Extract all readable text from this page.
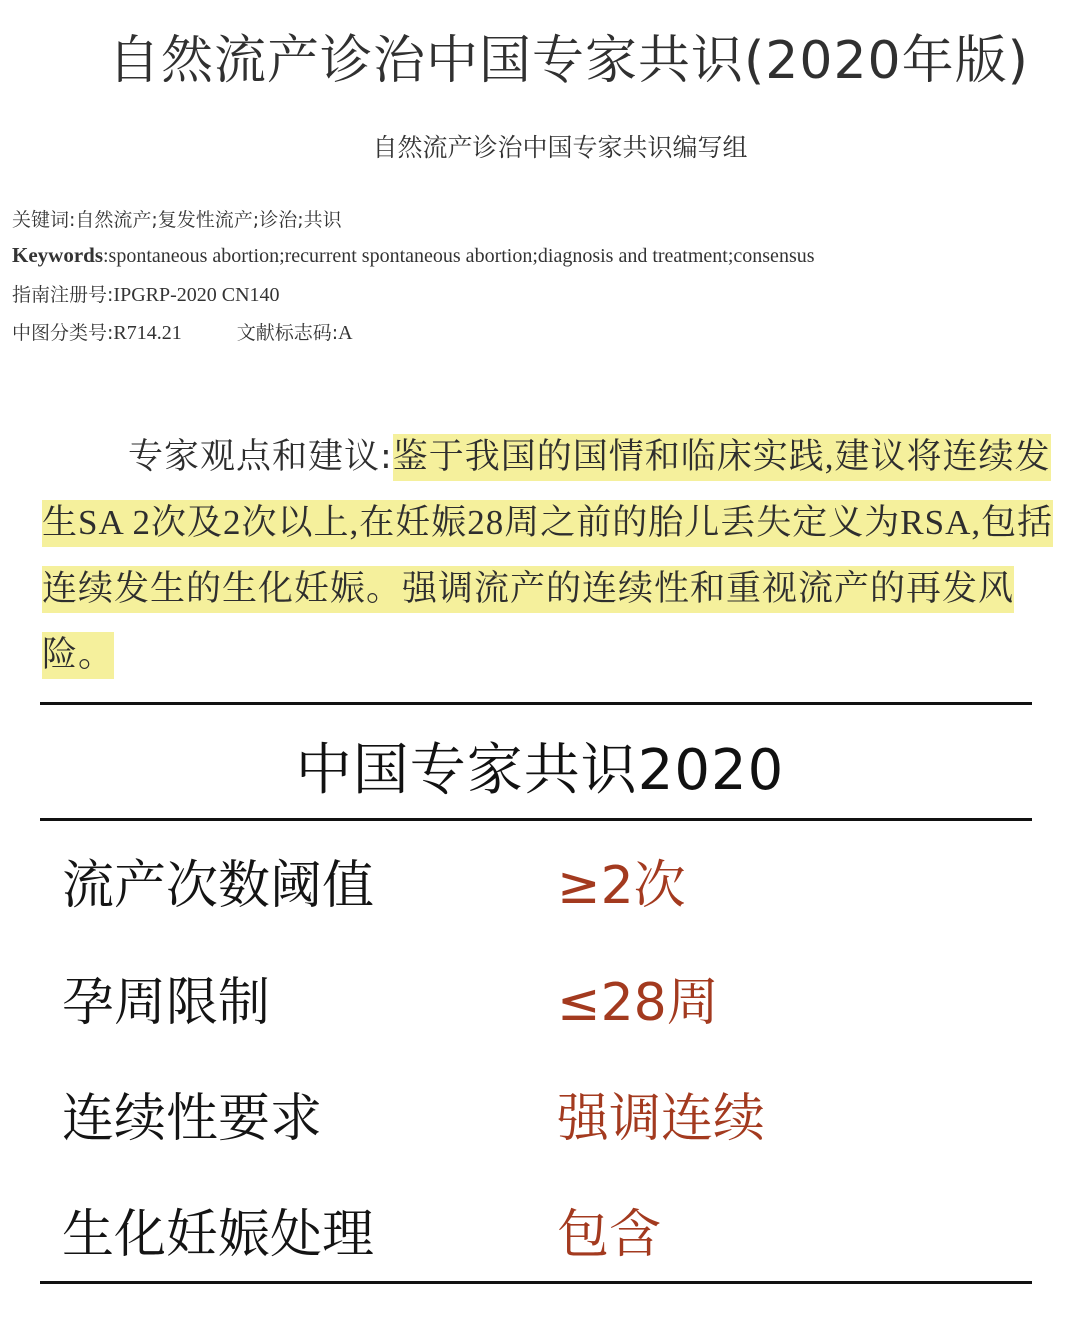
自然流产诊治中国专家共识(2020年版)
自然流产诊治中国专家共识编写组
关键词:自然流产;复发性流产;诊治;共识
Keywords:spontaneous abortion;recurrent spontaneous abortion;diagnosis and treatment;consensus
指南注册号:IPGRP-2020 CN140
中图分类号:R714.21	文献标志码:A
专家观点和建议:鉴于我国的国情和临床实践,建议将连续发生SA 2次及2次以上,在妊娠28周之前的胎儿丢失定义为RSA,包括连续发生的生化妊娠。强调流产的连续性和重视流产的再发风险。
中国专家共识2020
流产次数阈值	≥2次
孕周限制	≤28周
连续性要求	强调连续
生化妊娠处理	包含
